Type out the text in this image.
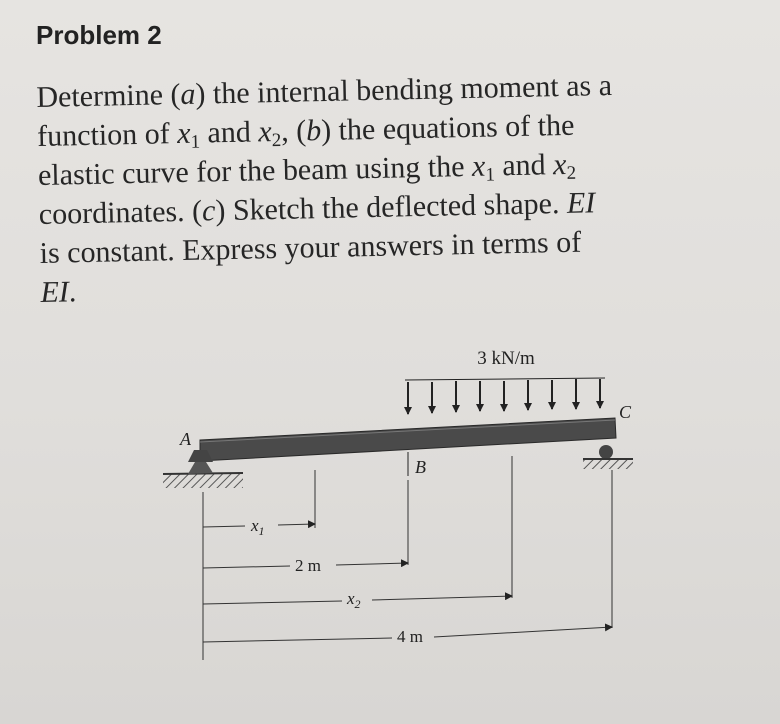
Problem 2
Determine (a) the internal bending moment as a
function of $x_1$ and $x_2$, (b) the equations of the
elastic curve for the beam using the $x_1$ and $x_2$
coordinates. (c) Sketch the deflected shape. EI
is constant. Express your answers in terms of
EI.
3 kN/m
A
C
B
$x_1$
2 m
$x_2$
4 m
